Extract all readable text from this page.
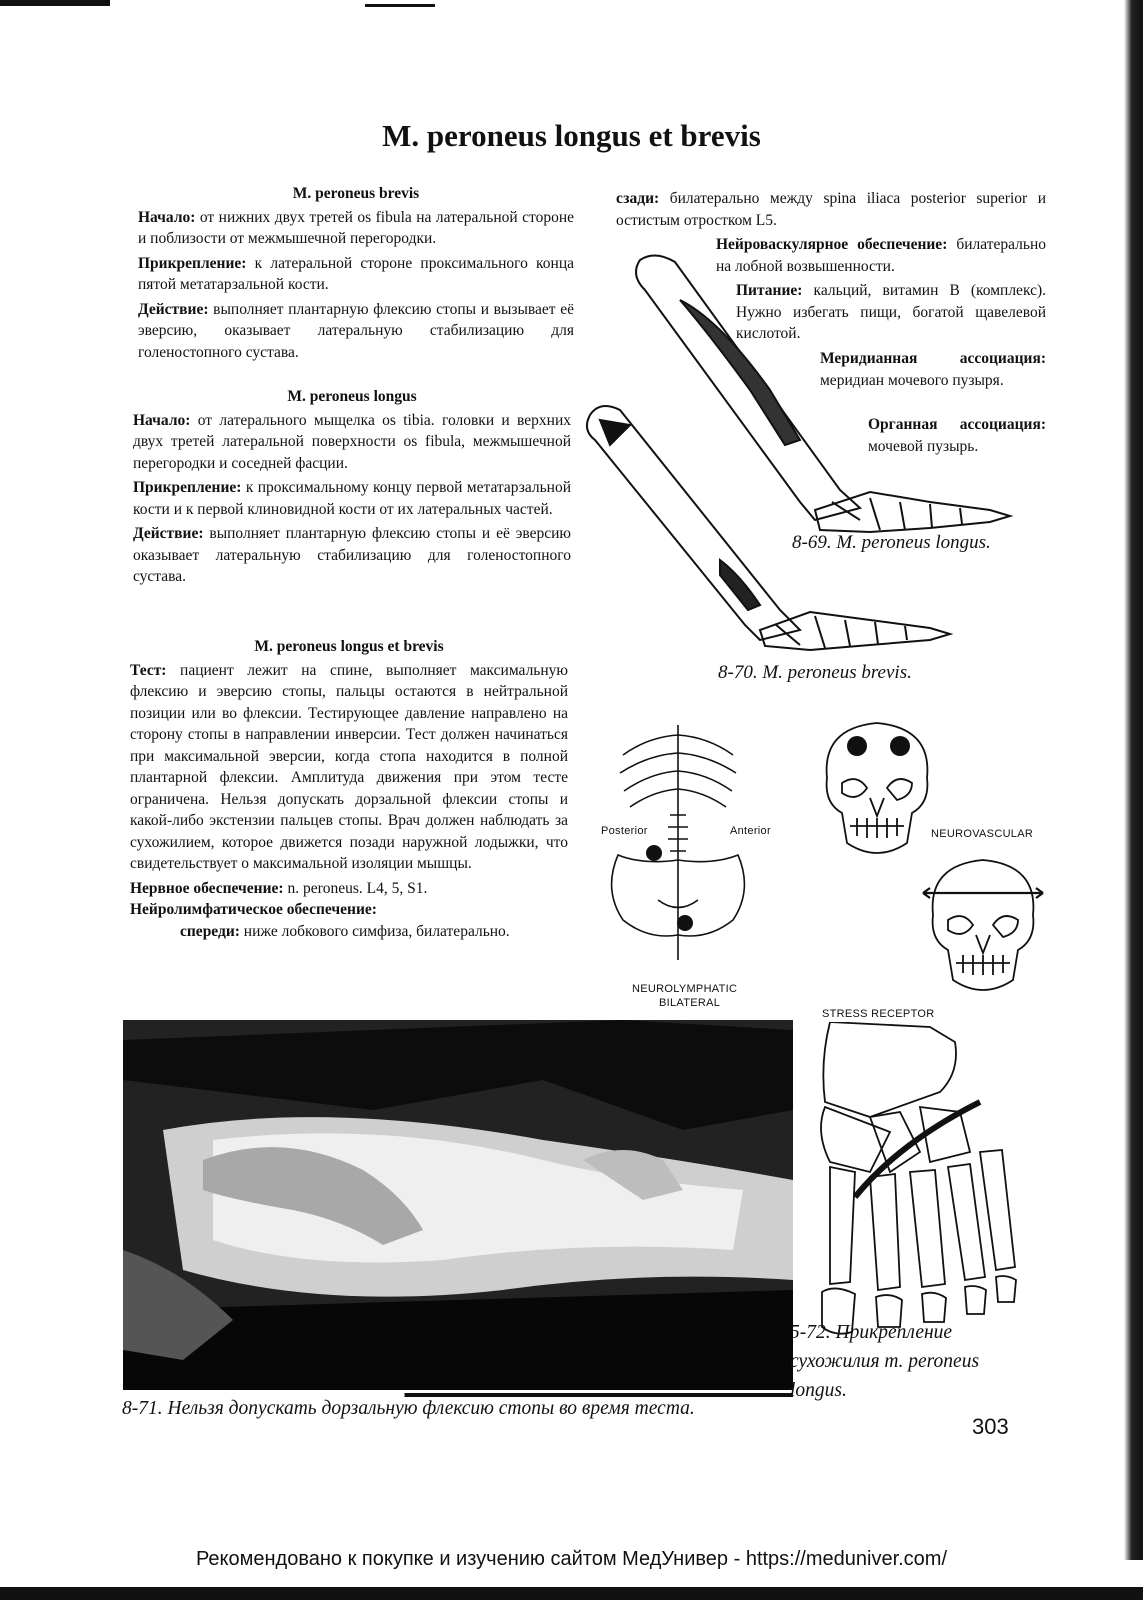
M. peroneus longus et brevis
M. peroneus brevis

Начало: от нижних двух третей os fibula на латеральной стороне и поблизости от межмышечной перегородки.

Прикрепление: к латеральной стороне проксимального конца пятой метатарзальной кости.

Действие: выполняет плантарную флексию стопы и вызывает её эверсию, оказывает латеральную стабилизацию для голеностопного сустава.

M. peroneus longus

Начало: от латерального мыщелка os tibia. головки и верхних двух третей латеральной поверхности os fibula, межмышечной перегородки и соседней фасции.

Прикрепление: к проксимальному концу первой метатарзальной кости и к первой клиновидной кости от их латеральных частей.

Действие: выполняет плантарную флексию стопы и её эверсию оказывает латеральную стабилизацию для голеностопного сустава.

M. peroneus longus et brevis

Тест: пациент лежит на спине, выполняет максимальную флексию и эверсию стопы, пальцы остаются в нейтральной позиции или во флексии. Тестирующее давление направлено на сторону стопы в направлении инверсии. Тест должен начинаться при максимальной эверсии, когда стопа находится в полной плантарной флексии. Амплитуда движения при этом тесте ограничена. Нельзя допускать дорзальной флексии стопы и какой-либо экстензии пальцев стопы. Врач должен наблюдать за сухожилием, которое движется позади наружной лодыжки, что свидетельствует о максимальной изоляции мышцы.

Нервное обеспечение: n. peroneus. L4, 5, S1.

Нейролимфатическое обеспечение:

спереди: ниже лобкового симфиза, билатерально.

сзади: билатерально между spina iliaca posterior superior и остистым отростком L5.
Нейроваскулярное обеспечение: билатерально на лобной возвышенности.
Питание: кальций, витамин B (комплекс). Нужно избегать пищи, богатой щавелевой кислотой.
Меридианная ассоциация: меридиан мочевого пузыря.
Органная ассоциация: мочевой пузырь.
8-69. M. peroneus longus.
8-70. M. peroneus brevis.
Posterior	Anterior
NEUROLYMPHATIC
BILATERAL
NEUROVASCULAR
STRESS RECEPTOR
8-71. Нельзя допускать дорзальную флексию стопы во время теста.
5-72. Прикрепление сухожилия m. peroneus longus.
303
Рекомендовано к покупке и изучению сайтом МедУнивер - https://meduniver.com/
